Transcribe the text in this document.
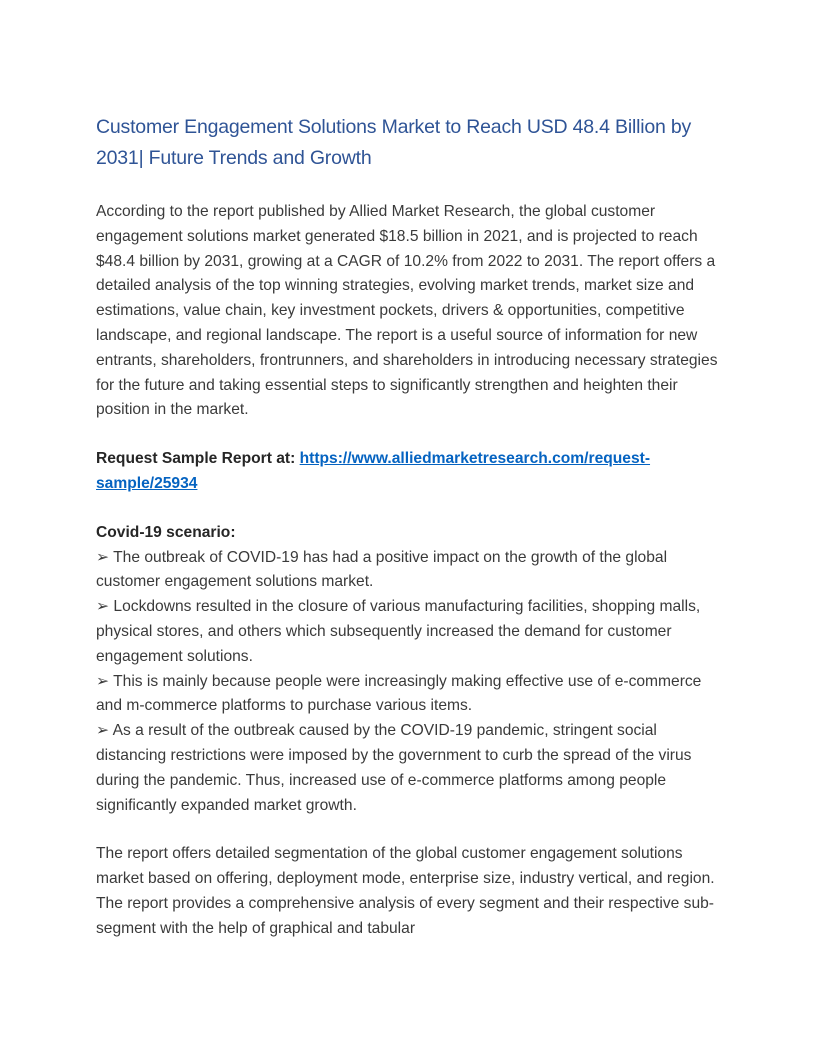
Customer Engagement Solutions Market to Reach USD 48.4 Billion by 2031| Future Trends and Growth

According to the report published by Allied Market Research, the global customer engagement solutions market generated $18.5 billion in 2021, and is projected to reach $48.4 billion by 2031, growing at a CAGR of 10.2% from 2022 to 2031. The report offers a detailed analysis of the top winning strategies, evolving market trends, market size and estimations, value chain, key investment pockets, drivers & opportunities, competitive landscape, and regional landscape. The report is a useful source of information for new entrants, shareholders, frontrunners, and shareholders in introducing necessary strategies for the future and taking essential steps to significantly strengthen and heighten their position in the market.

Request Sample Report at: https://www.alliedmarketresearch.com/request-sample/25934

Covid-19 scenario:
➢ The outbreak of COVID-19 has had a positive impact on the growth of the global customer engagement solutions market.
➢ Lockdowns resulted in the closure of various manufacturing facilities, shopping malls, physical stores, and others which subsequently increased the demand for customer engagement solutions.
➢ This is mainly because people were increasingly making effective use of e-commerce and m-commerce platforms to purchase various items.
➢ As a result of the outbreak caused by the COVID-19 pandemic, stringent social distancing restrictions were imposed by the government to curb the spread of the virus during the pandemic. Thus, increased use of e-commerce platforms among people significantly expanded market growth.

The report offers detailed segmentation of the global customer engagement solutions market based on offering, deployment mode, enterprise size, industry vertical, and region. The report provides a comprehensive analysis of every segment and their respective sub-segment with the help of graphical and tabular
